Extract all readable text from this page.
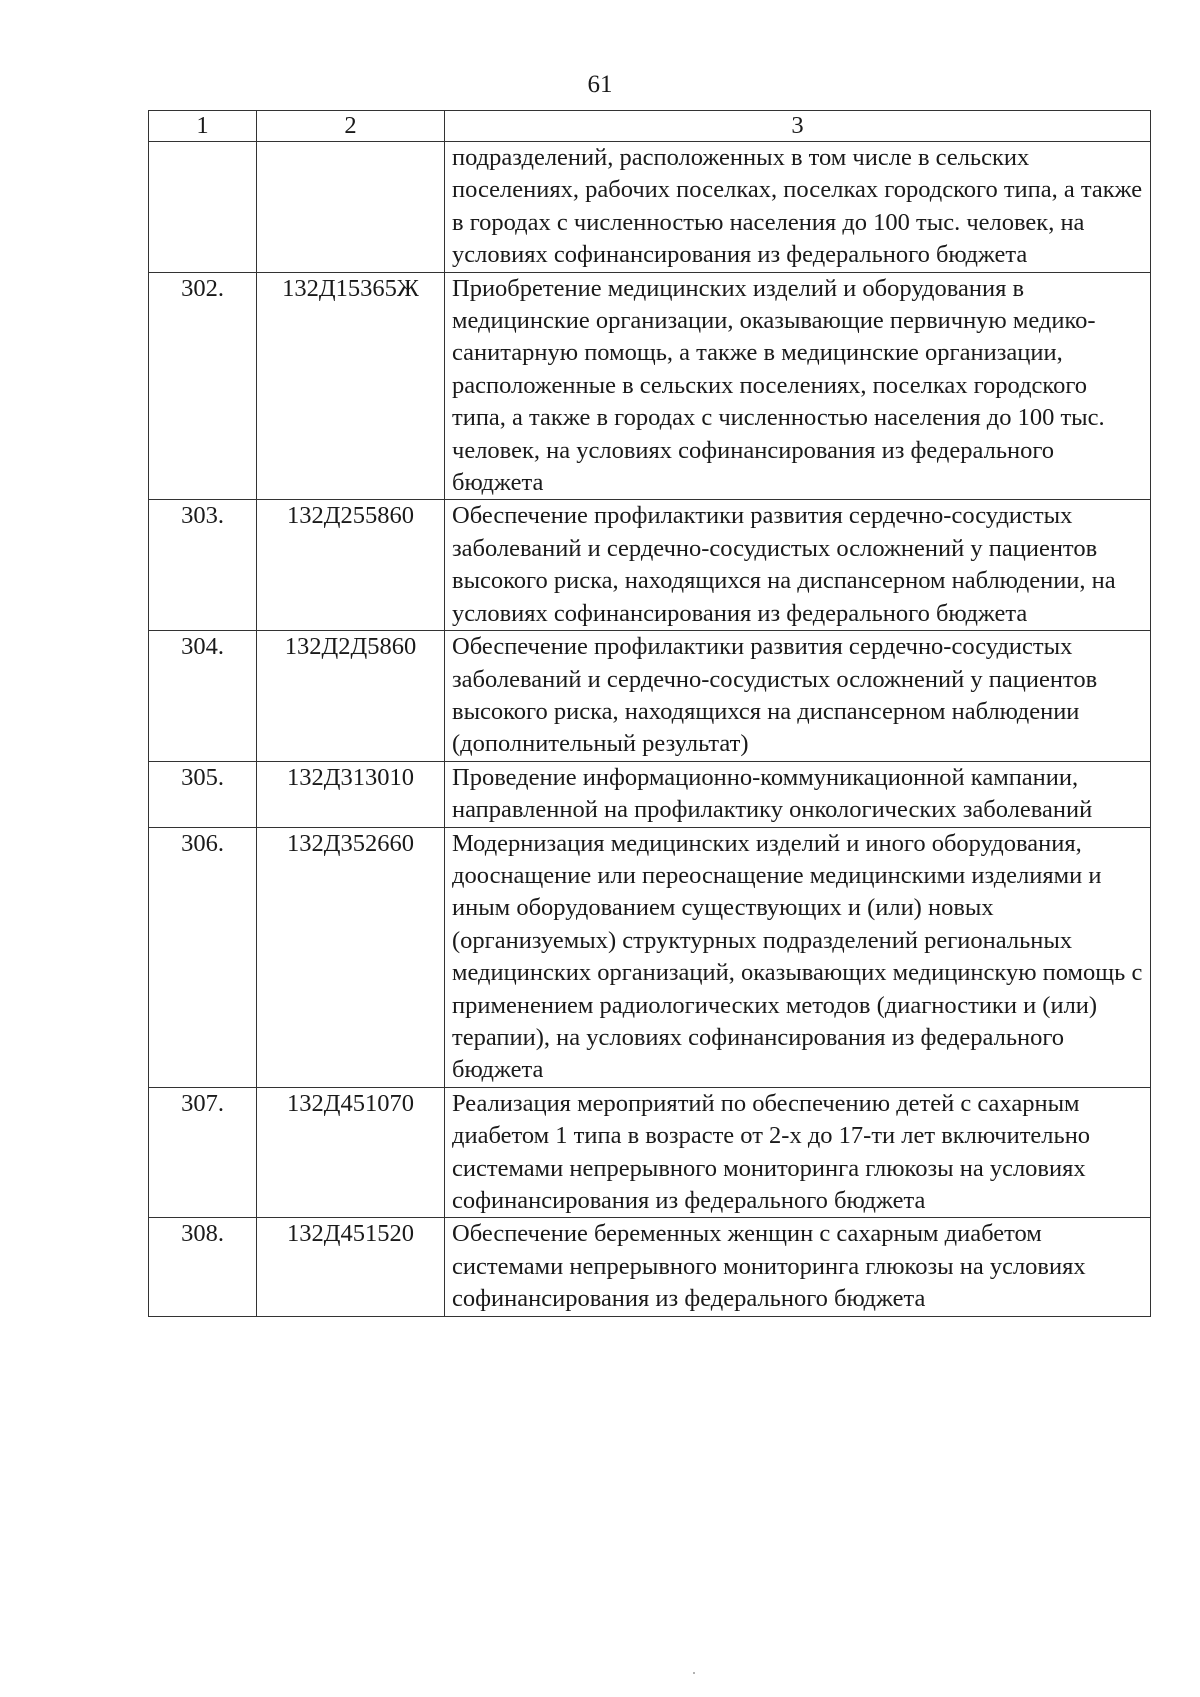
61
1	2	3
		подразделений, расположенных в том числе в сельских поселениях, рабочих поселках, поселках городского типа, а также в городах с численностью населения до 100 тыс. человек, на условиях софинансирования из федерального бюджета
302.	132Д15365Ж	Приобретение медицинских изделий и оборудования в медицинские организации, оказывающие первичную медико-санитарную помощь, а также в медицинские организации, расположенные в сельских поселениях, поселках городского типа, а также в городах с численностью населения до 100 тыс. человек, на условиях софинансирования из федерального бюджета
303.	132Д255860	Обеспечение профилактики развития сердечно-сосудистых заболеваний и сердечно-сосудистых осложнений у пациентов высокого риска, находящихся на диспансерном наблюдении, на условиях софинансирования из федерального бюджета
304.	132Д2Д5860	Обеспечение профилактики развития сердечно-сосудистых заболеваний и сердечно-сосудистых осложнений у пациентов высокого риска, находящихся на диспансерном наблюдении (дополнительный результат)
305.	132Д313010	Проведение информационно-коммуникационной кампании, направленной на профилактику онкологических заболеваний
306.	132Д352660	Модернизация медицинских изделий и иного оборудования, дооснащение или переоснащение медицинскими изделиями и иным оборудованием существующих и (или) новых (организуемых) структурных подразделений региональных медицинских организаций, оказывающих медицинскую помощь с применением радиологических методов (диагностики и (или) терапии), на условиях софинансирования из федерального бюджета
307.	132Д451070	Реализация мероприятий по обеспечению детей с сахарным диабетом 1 типа в возрасте от 2-х до 17-ти лет включительно системами непрерывного мониторинга глюкозы на условиях софинансирования из федерального бюджета
308.	132Д451520	Обеспечение беременных женщин с сахарным диабетом системами непрерывного мониторинга глюкозы на условиях софинансирования из федерального бюджета
